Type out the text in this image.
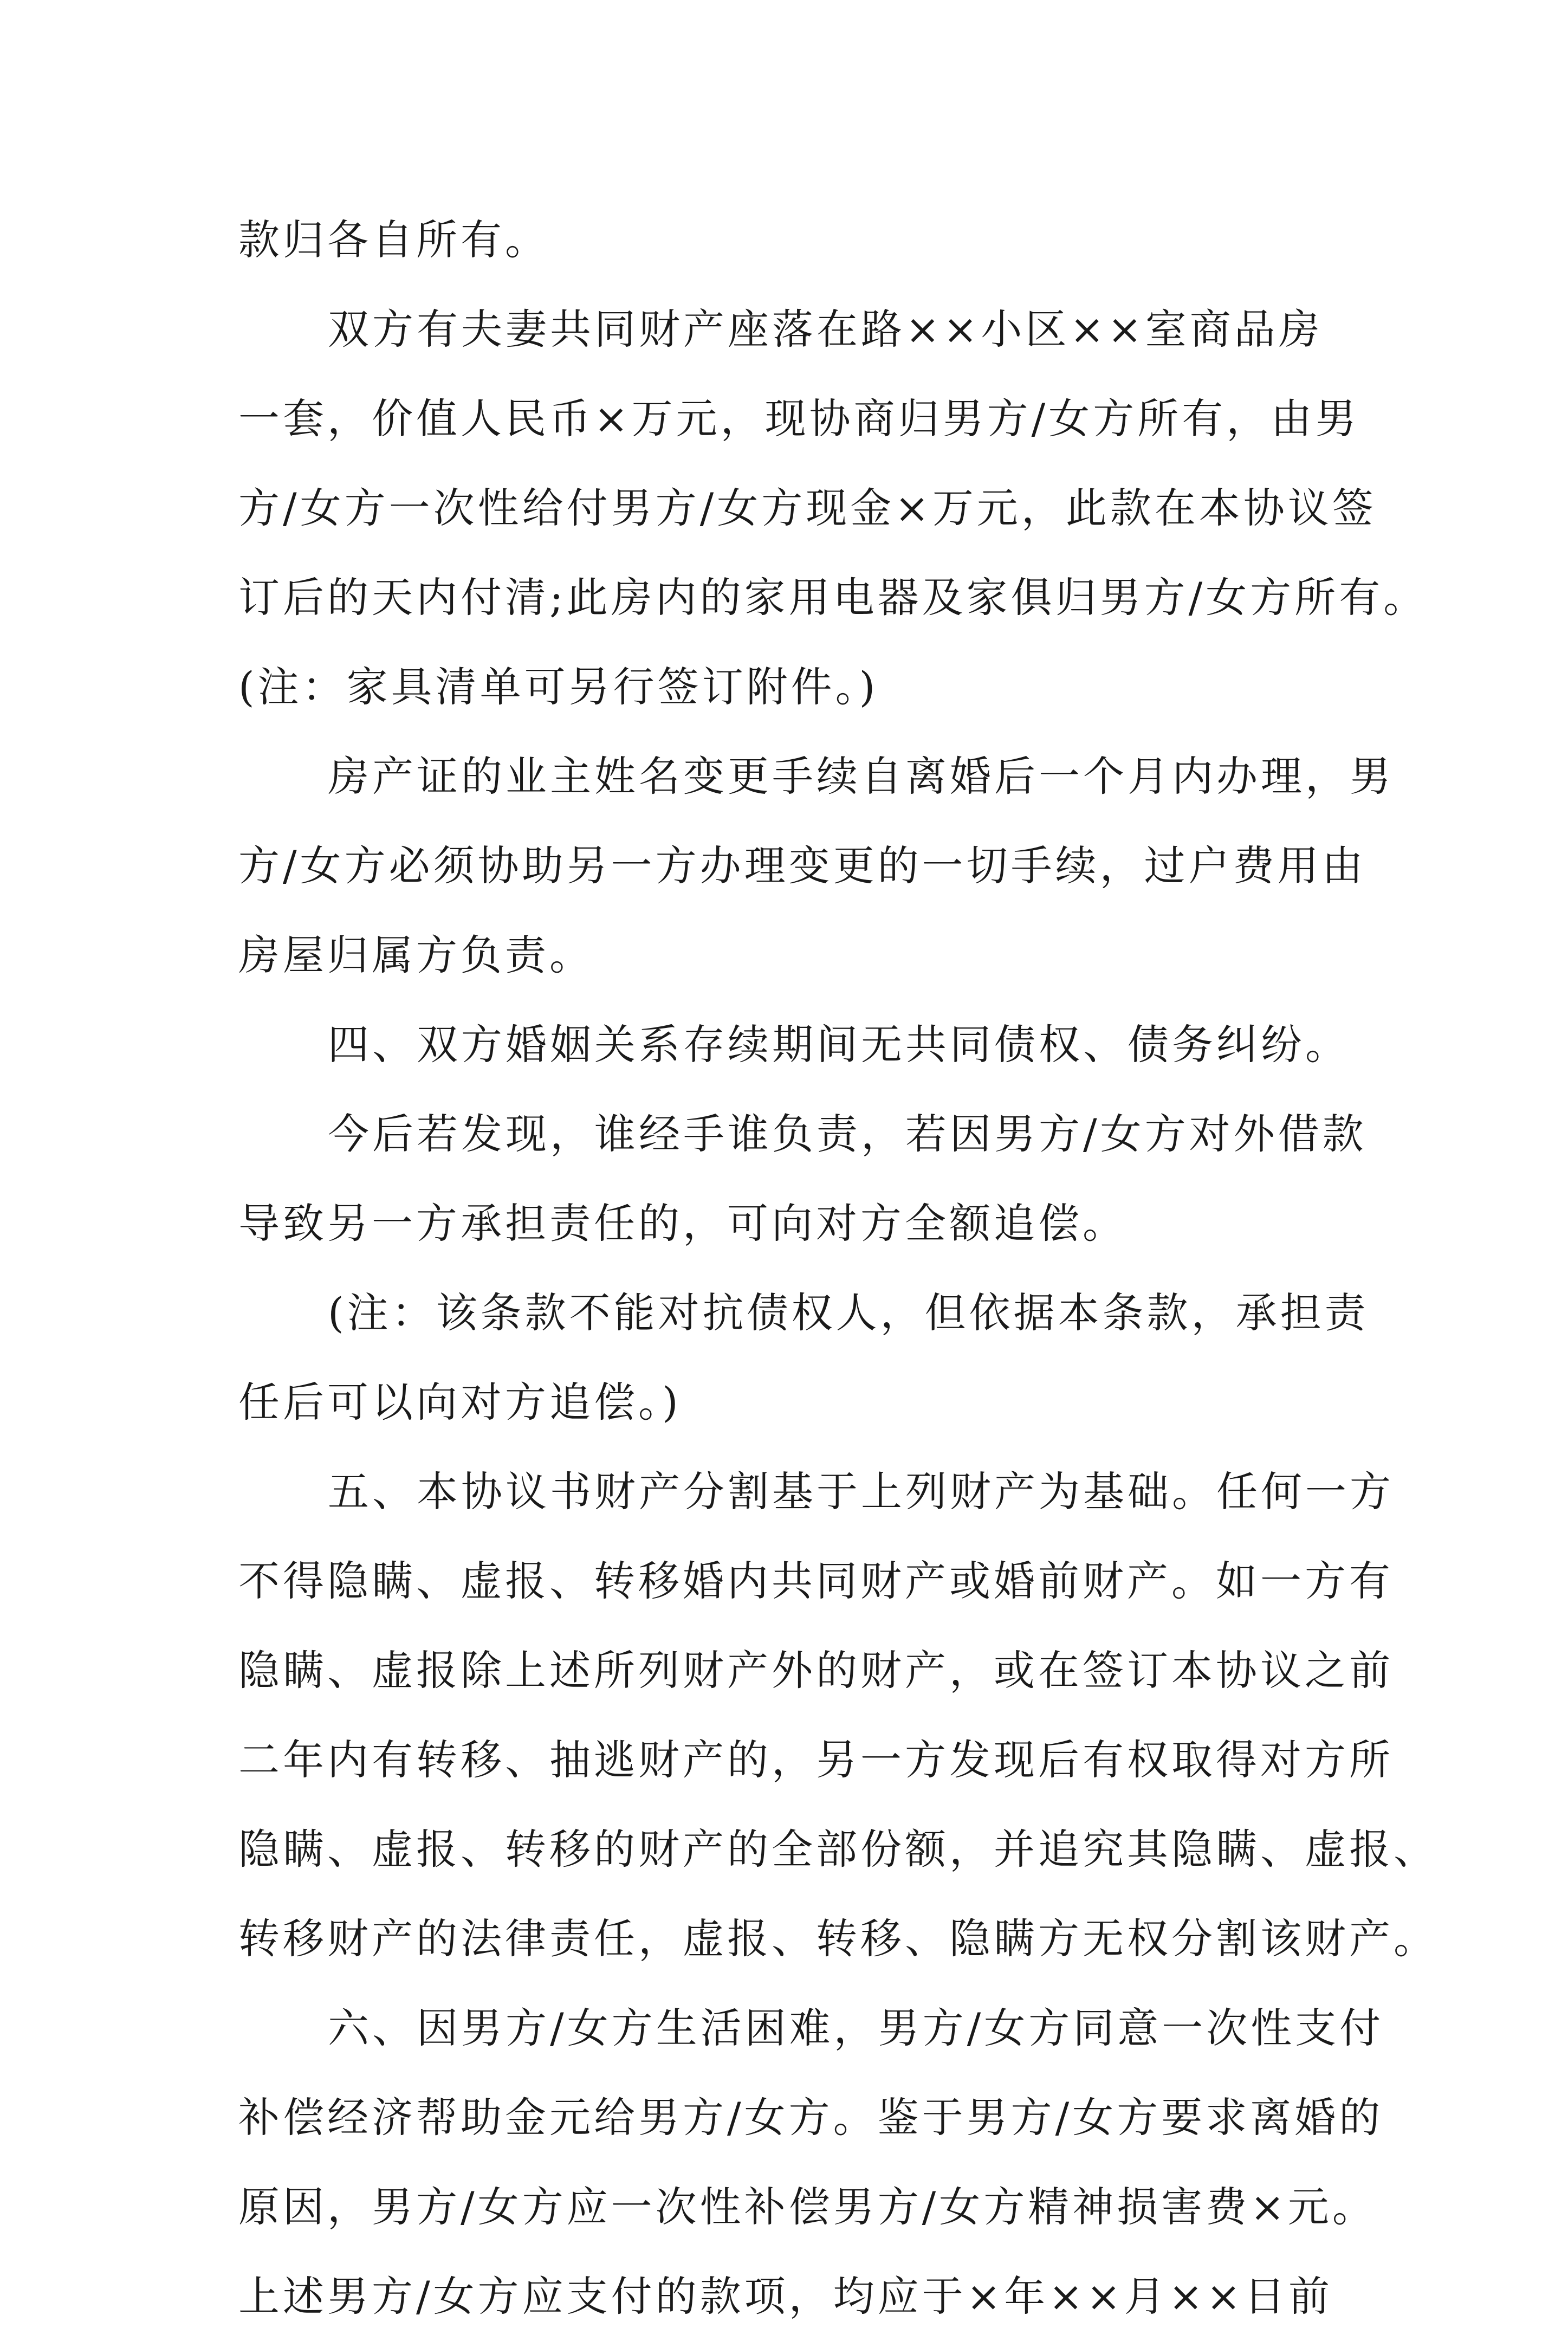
款归各自所有。
双方有夫妻共同财产座落在路××小区××室商品房
一套，价值人民币×万元，现协商归男方/女方所有，由男
方/女方一次性给付男方/女方现金×万元，此款在本协议签
订后的天内付清;此房内的家用电器及家俱归男方/女方所有。
(注：家具清单可另行签订附件。)
房产证的业主姓名变更手续自离婚后一个月内办理，男
方/女方必须协助另一方办理变更的一切手续，过户费用由
房屋归属方负责。
四、双方婚姻关系存续期间无共同债权、债务纠纷。
今后若发现，谁经手谁负责，若因男方/女方对外借款
导致另一方承担责任的，可向对方全额追偿。
(注：该条款不能对抗债权人，但依据本条款，承担责
任后可以向对方追偿。)
五、本协议书财产分割基于上列财产为基础。任何一方
不得隐瞒、虚报、转移婚内共同财产或婚前财产。如一方有
隐瞒、虚报除上述所列财产外的财产，或在签订本协议之前
二年内有转移、抽逃财产的，另一方发现后有权取得对方所
隐瞒、虚报、转移的财产的全部份额，并追究其隐瞒、虚报、
转移财产的法律责任，虚报、转移、隐瞒方无权分割该财产。
六、因男方/女方生活困难，男方/女方同意一次性支付
补偿经济帮助金元给男方/女方。鉴于男方/女方要求离婚的
原因，男方/女方应一次性补偿男方/女方精神损害费×元。
上述男方/女方应支付的款项，均应于×年××月××日前
